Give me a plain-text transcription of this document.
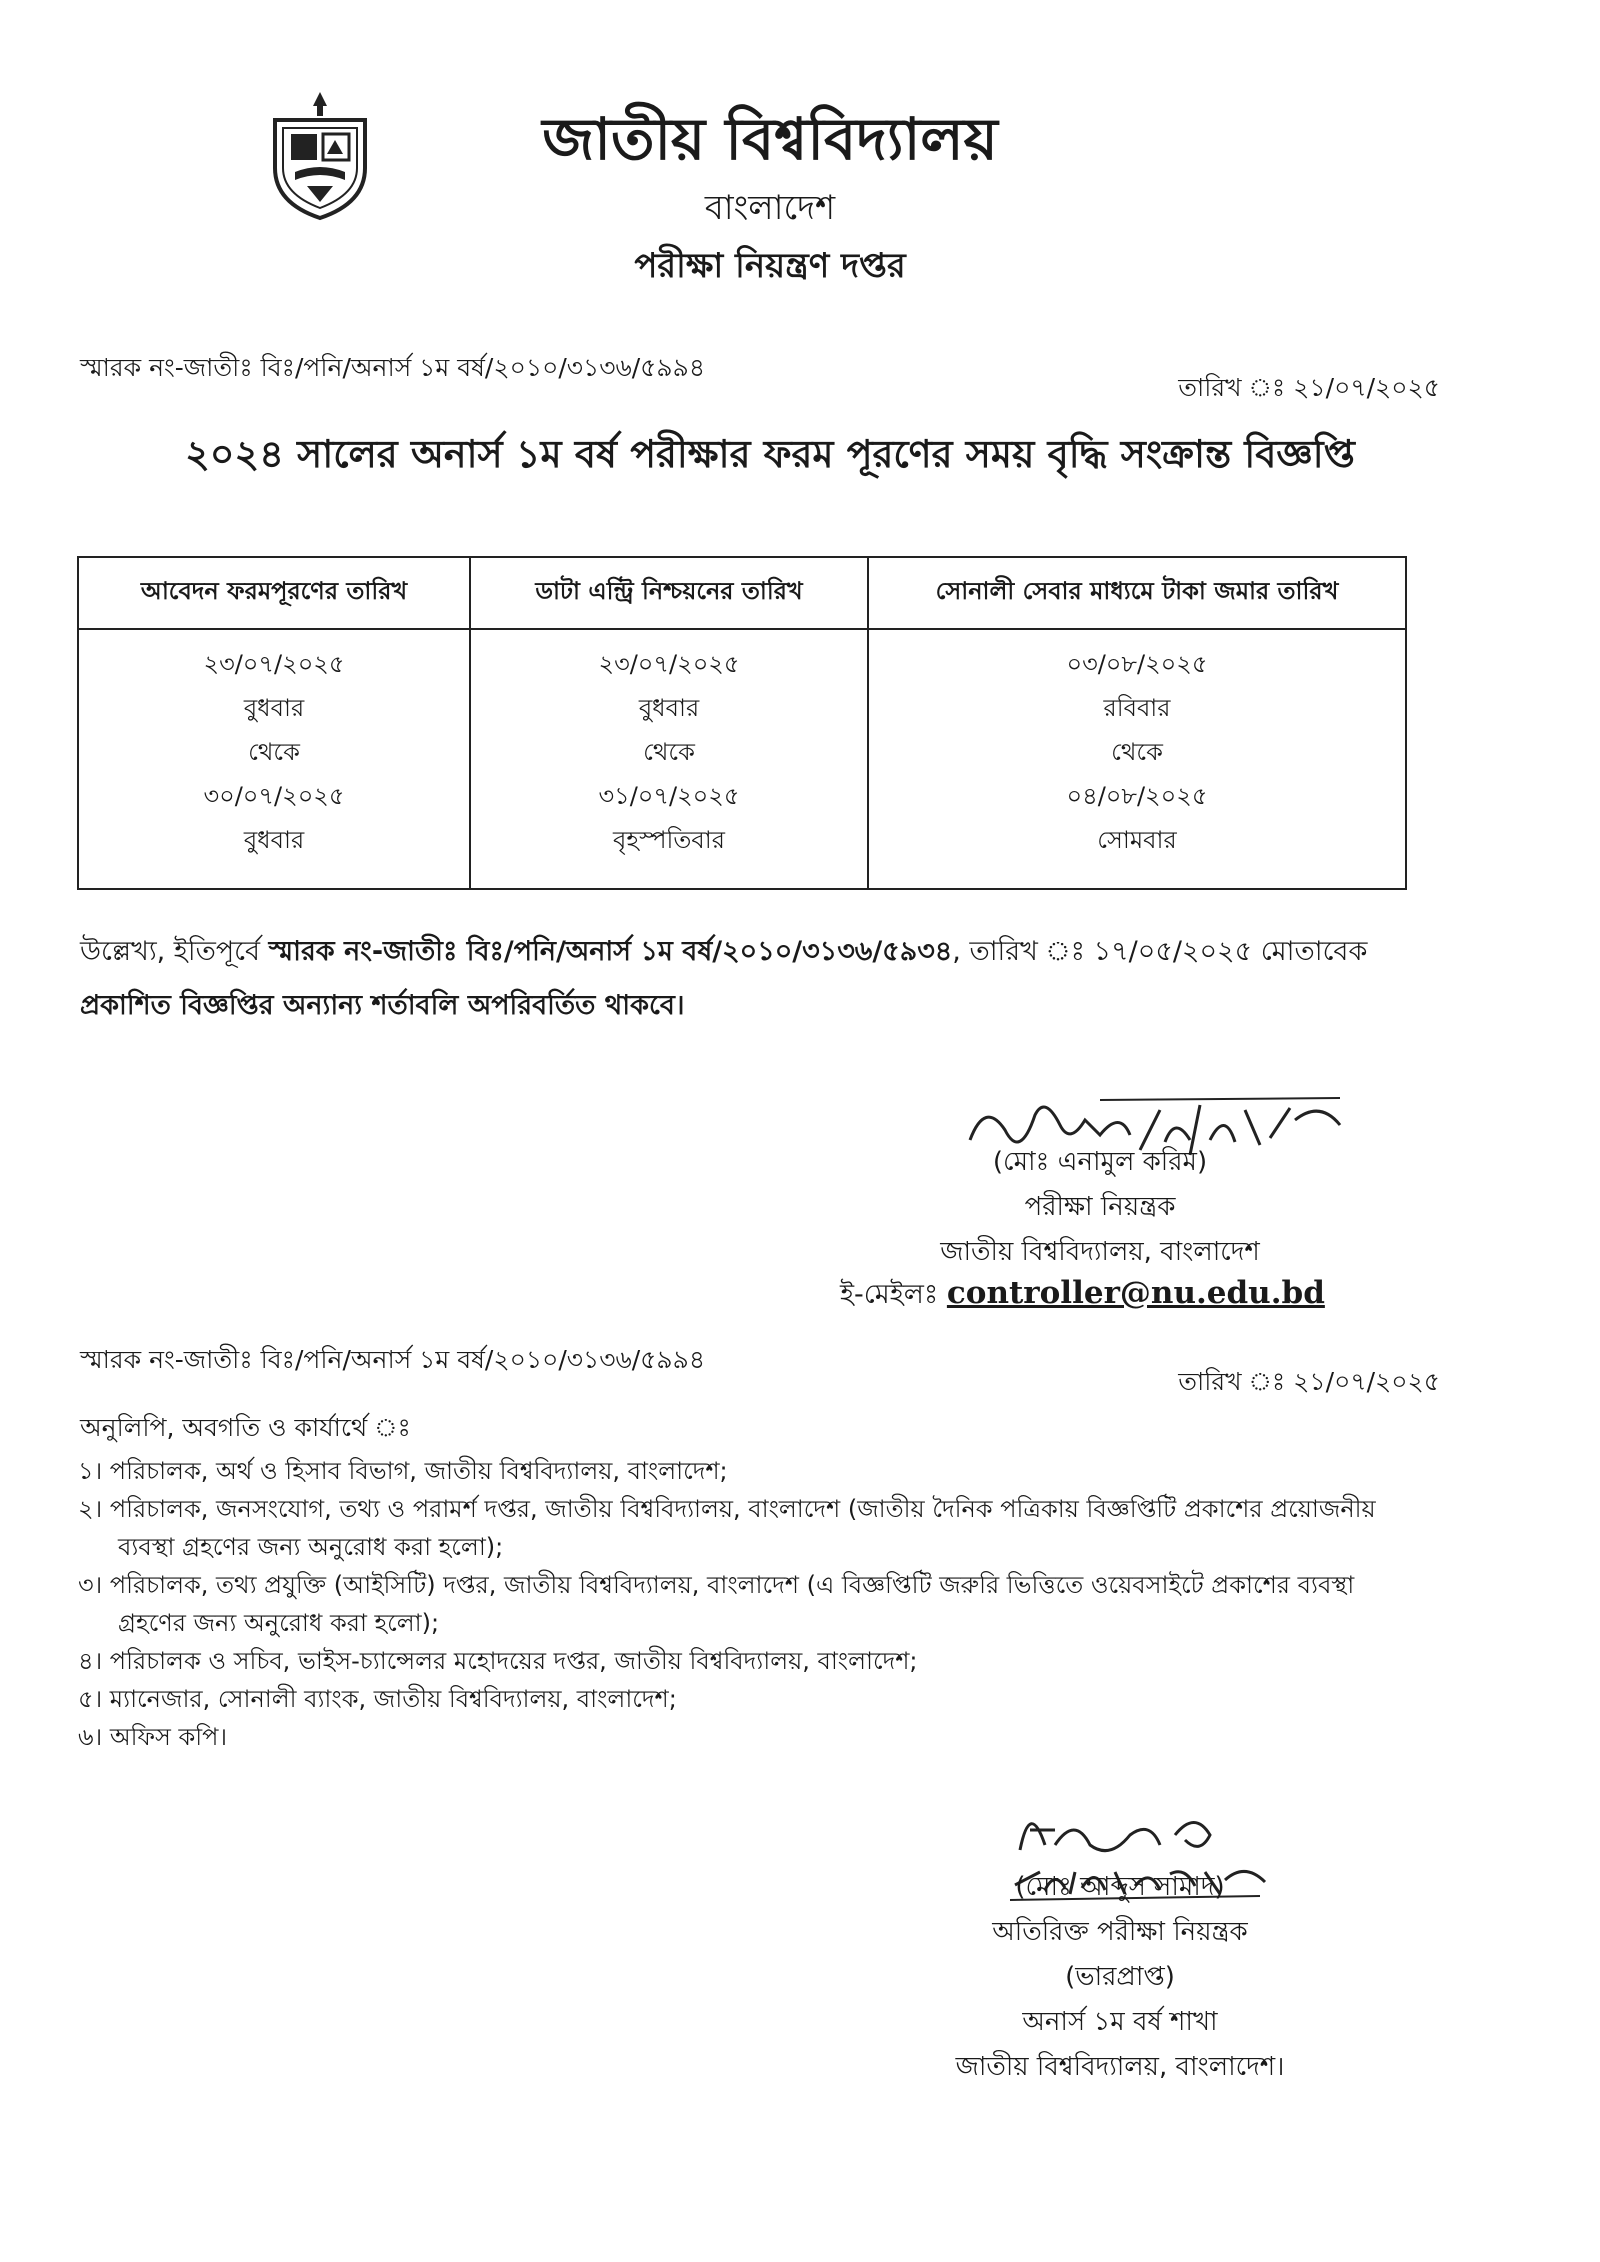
জাতীয় বিশ্ববিদ্যালয়
বাংলাদেশ
পরীক্ষা নিয়ন্ত্রণ দপ্তর
স্মারক নং-জাতীঃ বিঃ/পনি/অনার্স ১ম বর্ষ/২০১০/৩১৩৬/৫৯৯৪
তারিখ ঃ ২১/০৭/২০২৫
২০২৪ সালের অনার্স ১ম বর্ষ পরীক্ষার ফরম পূরণের সময় বৃদ্ধি সংক্রান্ত বিজ্ঞপ্তি
আবেদন ফরমপূরণের তারিখ
২৩/০৭/২০২৫
বুধবার
থেকে
৩০/০৭/২০২৫
বুধবার
ডাটা এন্ট্রি নিশ্চয়নের তারিখ
২৩/০৭/২০২৫
বুধবার
থেকে
৩১/০৭/২০২৫
বৃহস্পতিবার
সোনালী সেবার মাধ্যমে টাকা জমার তারিখ
০৩/০৮/২০২৫
রবিবার
থেকে
০৪/০৮/২০২৫
সোমবার
উল্লেখ্য, ইতিপূর্বে স্মারক নং-জাতীঃ বিঃ/পনি/অনার্স ১ম বর্ষ/২০১০/৩১৩৬/৫৯৩৪, তারিখ ঃ ১৭/০৫/২০২৫ মোতাবেক প্রকাশিত বিজ্ঞপ্তির অন্যান্য শর্তাবলি অপরিবর্তিত থাকবে।
(মোঃ এনামুল করিম)
পরীক্ষা নিয়ন্ত্রক
জাতীয় বিশ্ববিদ্যালয়, বাংলাদেশ
ই-মেইলঃ controller@nu.edu.bd
স্মারক নং-জাতীঃ বিঃ/পনি/অনার্স ১ম বর্ষ/২০১০/৩১৩৬/৫৯৯৪
তারিখ ঃ ২১/০৭/২০২৫
অনুলিপি, অবগতি ও কার্যার্থে ঃ
১। পরিচালক, অর্থ ও হিসাব বিভাগ, জাতীয় বিশ্ববিদ্যালয়, বাংলাদেশ;
২। পরিচালক, জনসংযোগ, তথ্য ও পরামর্শ দপ্তর, জাতীয় বিশ্ববিদ্যালয়, বাংলাদেশ (জাতীয় দৈনিক পত্রিকায় বিজ্ঞপ্তিটি প্রকাশের প্রয়োজনীয় ব্যবস্থা গ্রহণের জন্য অনুরোধ করা হলো);
৩। পরিচালক, তথ্য প্রযুক্তি (আইসিটি) দপ্তর, জাতীয় বিশ্ববিদ্যালয়, বাংলাদেশ (এ বিজ্ঞপ্তিটি জরুরি ভিত্তিতে ওয়েবসাইটে প্রকাশের ব্যবস্থা গ্রহণের জন্য অনুরোধ করা হলো);
৪। পরিচালক ও সচিব, ভাইস-চ্যান্সেলর মহোদয়ের দপ্তর, জাতীয় বিশ্ববিদ্যালয়, বাংলাদেশ;
৫। ম্যানেজার, সোনালী ব্যাংক, জাতীয় বিশ্ববিদ্যালয়, বাংলাদেশ;
৬। অফিস কপি।
(মোঃ আব্দুস সামাদ)
অতিরিক্ত পরীক্ষা নিয়ন্ত্রক (ভারপ্রাপ্ত)
অনার্স ১ম বর্ষ শাখা
জাতীয় বিশ্ববিদ্যালয়, বাংলাদেশ।
